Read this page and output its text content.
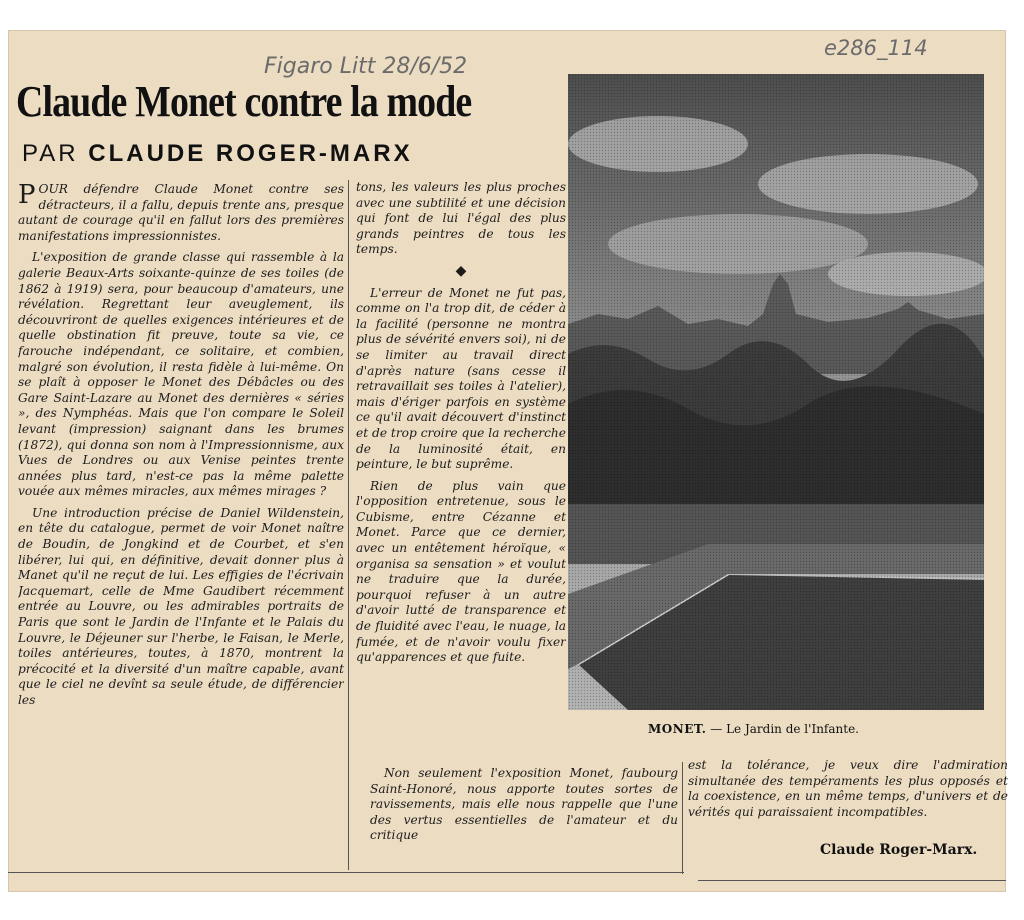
Figaro Litt 28/6/52
e286_114
Claude Monet contre la mode
PAR CLAUDE ROGER-MARX

POUR défendre Claude Monet contre ses détracteurs, il a fallu, depuis trente ans, presque autant de courage qu'il en fallut lors des premières manifestations impressionnistes.

L'exposition de grande classe qui rassemble à la galerie Beaux-Arts soixante-quinze de ses toiles (de 1862 à 1919) sera, pour beaucoup d'amateurs, une révélation. Regrettant leur aveuglement, ils découvriront de quelles exigences intérieures et de quelle obstination fit preuve, toute sa vie, ce farouche indépendant, ce solitaire, et combien, malgré son évolution, il resta fidèle à lui-même. On se plaît à opposer le Monet des Débâcles ou des Gare Saint-Lazare au Monet des dernières « séries », des Nymphéas. Mais que l'on compare le Soleil levant (impression) saignant dans les brumes (1872), qui donna son nom à l'Impressionnisme, aux Vues de Londres ou aux Venise peintes trente années plus tard, n'est-ce pas la même palette vouée aux mêmes miracles, aux mêmes mirages ?

Une introduction précise de Daniel Wildenstein, en tête du catalogue, permet de voir Monet naître de Boudin, de Jongkind et de Courbet, et s'en libérer, lui qui, en définitive, devait donner plus à Manet qu'il ne reçut de lui. Les effigies de l'écrivain Jacquemart, celle de Mme Gaudibert récemment entrée au Louvre, ou les admirables portraits de Paris que sont le Jardin de l'Infante et le Palais du Louvre, le Déjeuner sur l'herbe, le Faisan, le Merle, toiles antérieures, toutes, à 1870, montrent la précocité et la diversité d'un maître capable, avant que le ciel ne devînt sa seule étude, de différencier les

tons, les valeurs les plus proches avec une subtilité et une décision qui font de lui l'égal des plus grands peintres de tous les temps.

◆

L'erreur de Monet ne fut pas, comme on l'a trop dit, de céder à la facilité (personne ne montra plus de sévérité envers soi), ni de se limiter au travail direct d'après nature (sans cesse il retravaillait ses toiles à l'atelier), mais d'ériger parfois en système ce qu'il avait découvert d'instinct et de trop croire que la recherche de la luminosité était, en peinture, le but suprême.

Rien de plus vain que l'opposition entretenue, sous le Cubisme, entre Cézanne et Monet. Parce que ce dernier, avec un entêtement héroïque, « organisa sa sensation » et voulut ne traduire que la durée, pourquoi refuser à un autre d'avoir lutté de transparence et de fluidité avec l'eau, le nuage, la fumée, et de n'avoir voulu fixer qu'apparences et que fuite.

Non seulement l'exposition Monet, faubourg Saint-Honoré, nous apporte toutes sortes de ravissements, mais elle nous rappelle que l'une des vertus essentielles de l'amateur et du critique

est la tolérance, je veux dire l'admiration simultanée des tempéraments les plus opposés et la coexistence, en un même temps, d'univers et de vérités qui paraissaient incompatibles.

MONET. — Le Jardin de l'Infante.
Claude Roger-Marx.
